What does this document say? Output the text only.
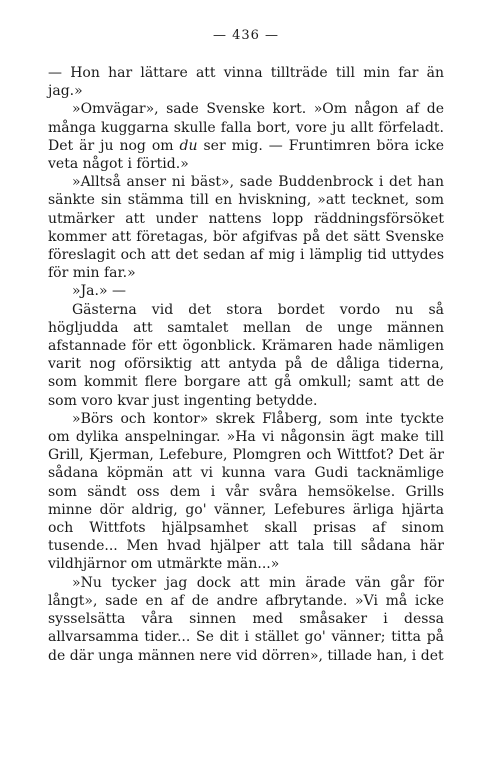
— 436 —

— Hon har lättare att vinna tillträde till min far än jag.»

»Omvägar», sade Svenske kort. »Om någon af de många kuggarna skulle falla bort, vore ju allt förfeladt. Det är ju nog om du ser mig. — Fruntimren böra icke veta något i förtid.»

»Alltså anser ni bäst», sade Buddenbrock i det han sänkte sin stämma till en hviskning, »att tecknet, som utmärker att under nattens lopp räddningsförsöket kommer att företagas, bör afgifvas på det sätt Svenske föreslagit och att det sedan af mig i lämplig tid uttydes för min far.»

»Ja.» —

Gästerna vid det stora bordet vordo nu så högljudda att samtalet mellan de unge männen afstannade för ett ögonblick. Krämaren hade nämligen varit nog oförsiktig att antyda på de dåliga tiderna, som kommit flere borgare att gå omkull; samt att de som voro kvar just ingenting betydde.

»Börs och kontor» skrek Flåberg, som inte tyckte om dylika anspelningar. »Ha vi någonsin ägt make till Grill, Kjerman, Lefebure, Plomgren och Wittfot? Det är sådana köpmän att vi kunna vara Gudi tacknämlige som sändt oss dem i vår svåra hemsökelse. Grills minne dör aldrig, go' vänner, Lefebures ärliga hjärta och Wittfots hjälpsamhet skall prisas af sinom tusende... Men hvad hjälper att tala till sådana här vildhjärnor om utmärkte män...»

»Nu tycker jag dock att min ärade vän går för långt», sade en af de andre afbrytande. »Vi må icke sysselsätta våra sinnen med småsaker i dessa allvarsamma tider... Se dit i stället go' vänner; titta på de där unga männen nere vid dörren», tillade han, i det
